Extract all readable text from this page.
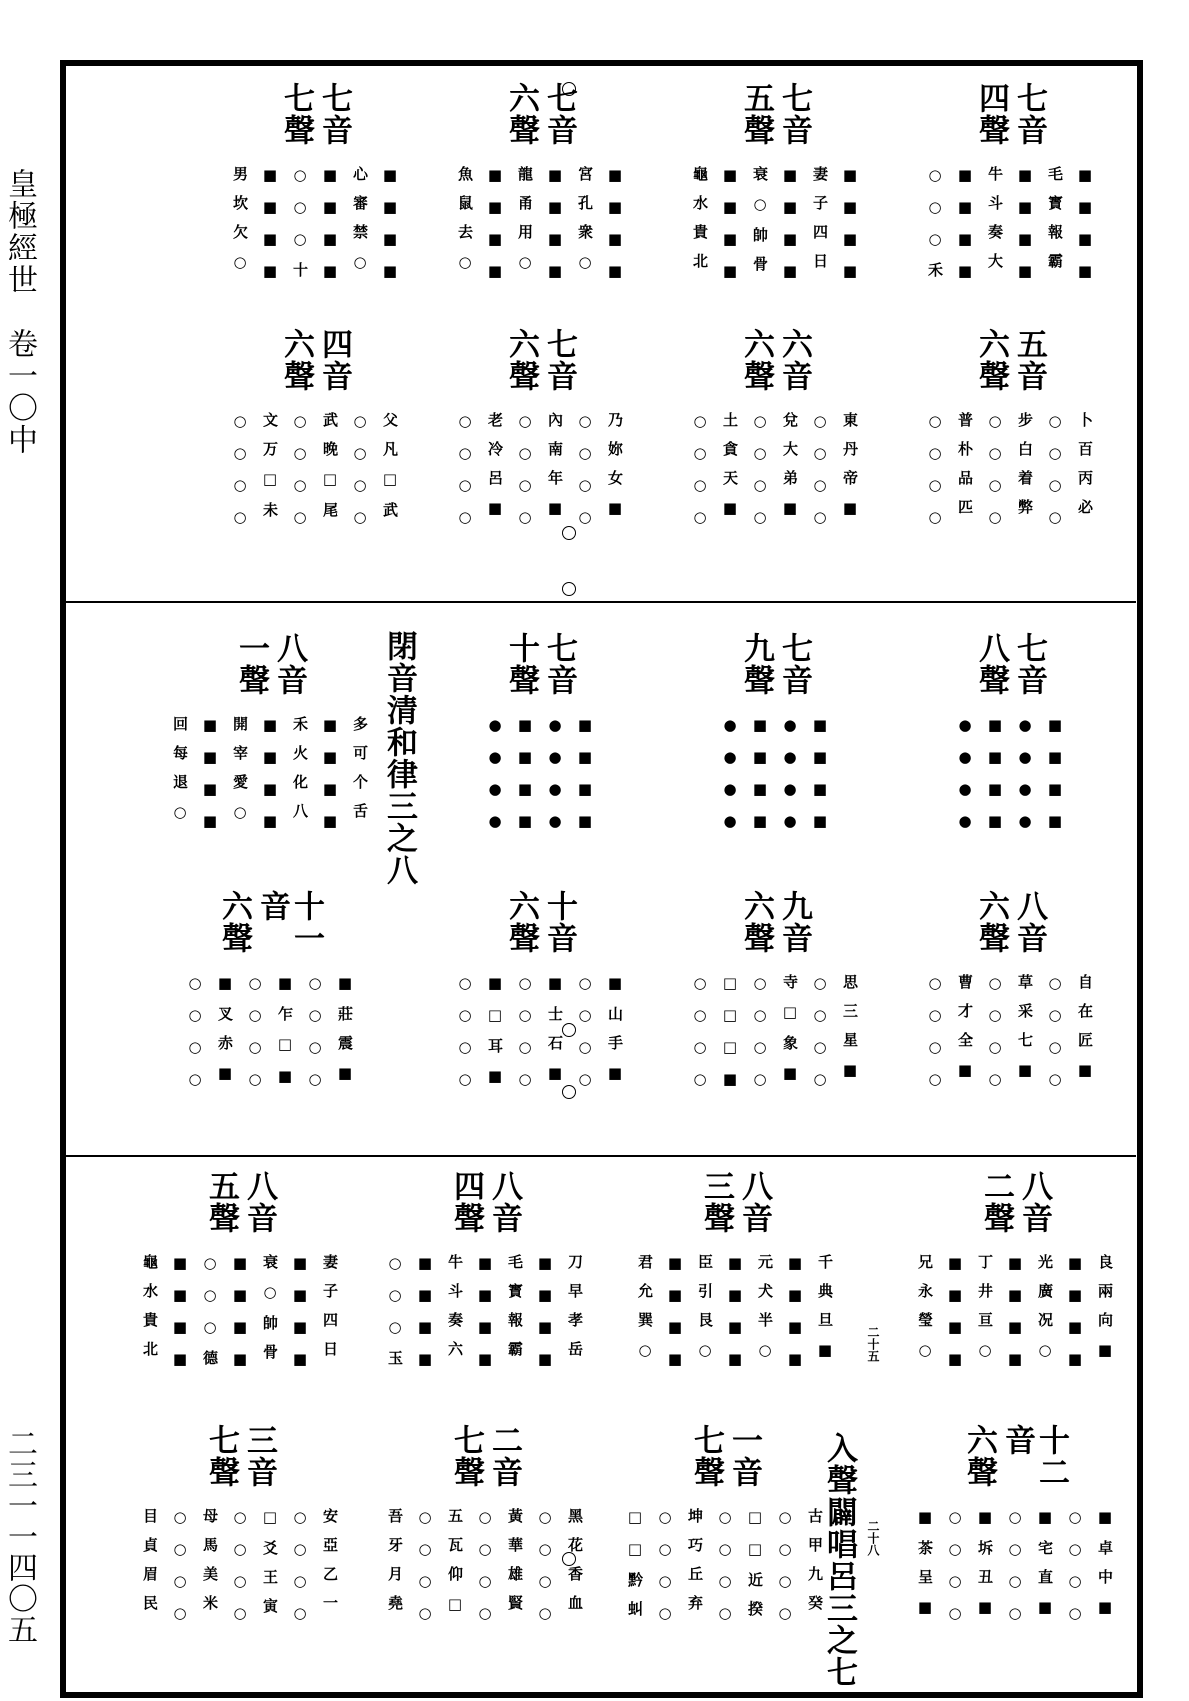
皇極經世　卷一〇中
二三一一四〇五
七音
四聲
■■■■
毛寳報霸
■■■■
牛斗奏大
■■■■
○○○禾
七音
五聲
■■■■
妻子四日
■■■■
衰○帥骨
■■■■
龜水貴北
七音
六聲
■■■■
宮孔衆○
■■■■
龍甬用○
■■■■
魚鼠去○
七音
七聲
■■■■
心審禁○
■■■■
○○○十
■■■■
男坎欠○
五音
六聲
卜百丙必
○○○○
步白着弊
○○○○
普朴品匹
○○○○
六音
六聲
東丹帝■
○○○○
兌大弟■
○○○○
土貪天■
○○○○
七音
六聲
乃妳女■
○○○○
內南年■
○○○○
老冷呂■
○○○○
四音
六聲
父凡□武
○○○○
武晚□尾
○○○○
文万□未
○○○○
閉音清和律三之八	七音
八聲
■■■■
●●●●
■■■■
●●●●
七音
九聲
■■■■
●●●●
■■■■
●●●●
七音
十聲
■■■■
●●●●
■■■■
●●●●
八音
一聲
多可个舌
■■■■
禾火化八
■■■■
開宰愛○
■■■■
回每退○
八音
六聲
自在匠■
○○○○
草采七■
○○○○
曹才全■
○○○○
九音
六聲
思三星■
○○○○
寺□象■
○○○○
□□□■
○○○○
十音
六聲
■山手■
○○○○
■士石■
○○○○
■□耳■
○○○○
十一音
六聲
■莊震■
○○○○
■乍□■
○○○○
■叉赤■
○○○○
入聲闢唱呂三之七 二十八
二十五
八音
二聲
良兩向■
■■■■
光廣况○
■■■■
丁井亘○
■■■■
兄永瑩○
八音
三聲
千典旦■
■■■■
元犬半○
■■■■
臣引艮○
■■■■
君允巽○
八音
四聲
刀早孝岳
■■■■
毛寳報霸
■■■■
牛斗奏六
■■■■
○○○玉
八音
五聲
妻子四日
■■■■
衰○帥骨
■■■■
○○○德
■■■■
龜水貴北
十二音
六聲
■卓中■
○○○○
■宅直■
○○○○
■坼丑■
○○○○
■茶呈■
一音
七聲
古甲九癸
○○○○
□□近揆
○○○○
坤巧丘弃
○○○○
□□黔虯
二音
七聲
黑花香血
○○○○
黃華雄賢
○○○○
五瓦仰□
○○○○
吾牙月堯
三音
七聲
安亞乙一
○○○○
□爻王寅
○○○○
母馬美米
○○○○
目貞眉民
